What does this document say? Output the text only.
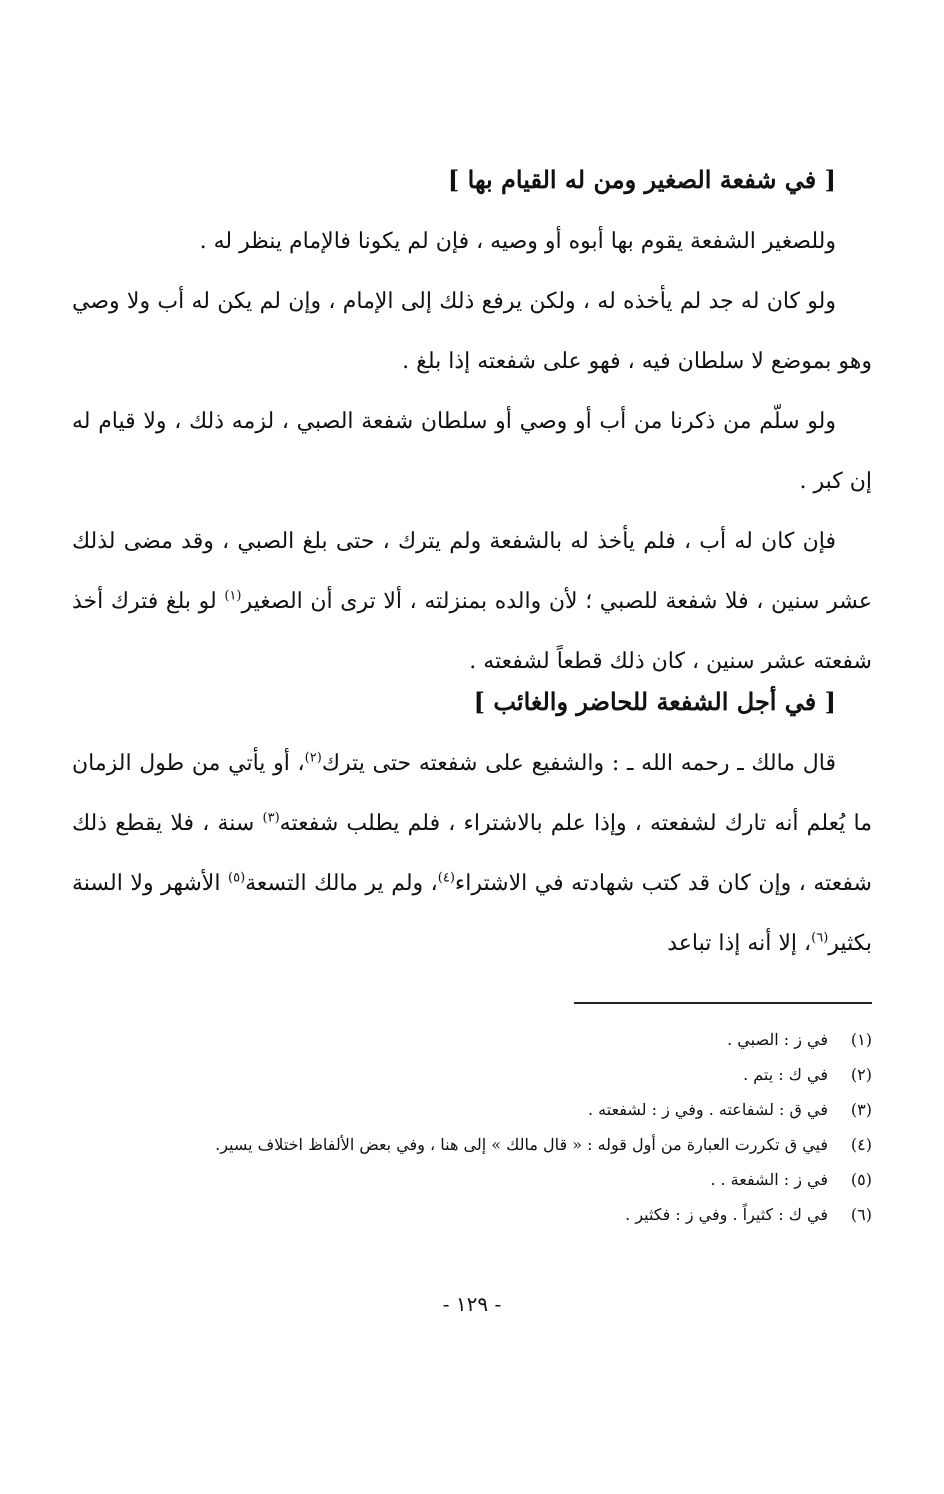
[ في شفعة الصغير ومن له القيام بها ]

وللصغير الشفعة يقوم بها أبوه أو وصيه ، فإن لم يكونا فالإمام ينظر له .

ولو كان له جد لم يأخذه له ، ولكن يرفع ذلك إلى الإمام ، وإن لم يكن له أب ولا وصي وهو بموضع لا سلطان فيه ، فهو على شفعته إذا بلغ .

ولو سلّم من ذكرنا من أب أو وصي أو سلطان شفعة الصبي ، لزمه ذلك ، ولا قيام له إن كبر .

فإن كان له أب ، فلم يأخذ له بالشفعة ولم يترك ، حتى بلغ الصبي ، وقد مضى لذلك عشر سنين ، فلا شفعة للصبي ؛ لأن والده بمنزلته ، ألا ترى أن الصغير$^{(١)}$ لو بلغ فترك أخذ شفعته عشر سنين ، كان ذلك قطعاً لشفعته .

[ في أجل الشفعة للحاضر والغائب ]

قال مالك ـ رحمه الله ـ : والشفيع على شفعته حتى يترك$^{(٢)}$، أو يأتي من طول الزمان ما يُعلم أنه تارك لشفعته ، وإذا علم بالاشتراء ، فلم يطلب شفعته$^{(٣)}$ سنة ، فلا يقطع ذلك شفعته ، وإن كان قد كتب شهادته في الاشتراء$^{(٤)}$، ولم ير مالك التسعة$^{(٥)}$ الأشهر ولا السنة بكثير$^{(٦)}$، إلا أنه إذا تباعد

(١)في ز : الصبي .

(٢)في ك : يتم .

(٣)في ق : لشفاعته . وفي ز : لشفعته .

(٤)فيي ق تكررت العبارة من أول قوله : « قال مالك » إلى هنا ، وفي بعض الألفاظ اختلاف يسير.

(٥)في ز : الشفعة . .

(٦)في ك : كثيراً . وفي ز : فكثير .

- ١٢٩ -
